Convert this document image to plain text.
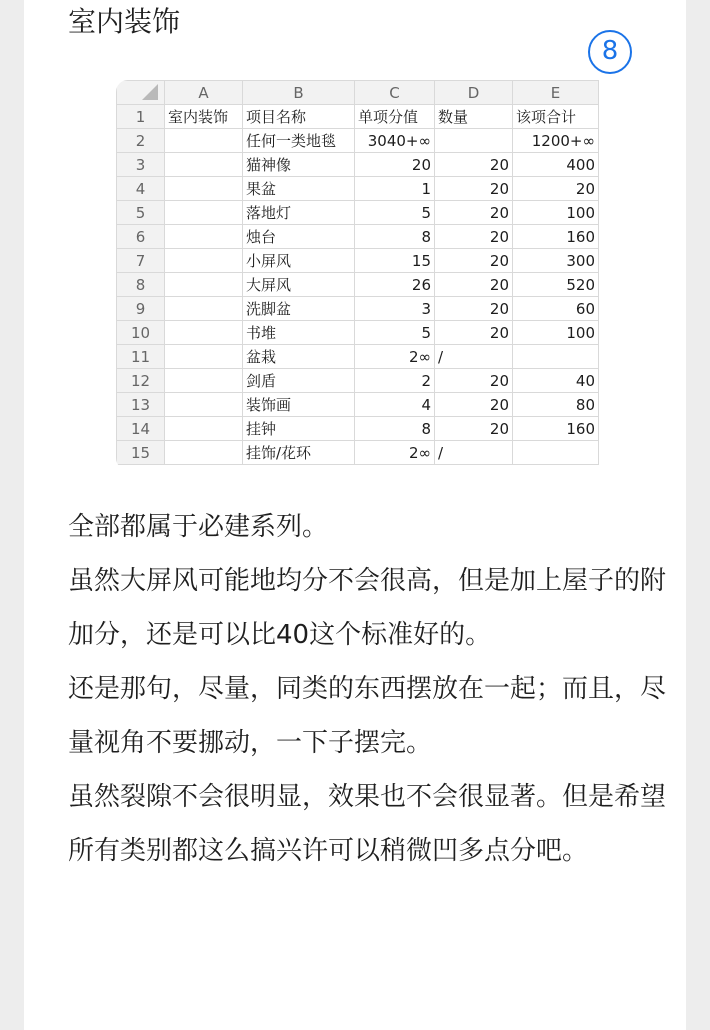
室内装饰
8
	A	B	C	D	E
1	室内装饰	项目名称	单项分值	数量	该项合计
2		任何一类地毯	3040+∞		1200+∞
3		猫神像	20	20	400
4		果盆	1	20	20
5		落地灯	5	20	100
6		烛台	8	20	160
7		小屏风	15	20	300
8		大屏风	26	20	520
9		洗脚盆	3	20	60
10		书堆	5	20	100
11		盆栽	2∞	/	
12		剑盾	2	20	40
13		装饰画	4	20	80
14		挂钟	8	20	160
15		挂饰/花环	2∞	/	

全部都属于必建系列。

虽然大屏风可能地均分不会很高，但是加上屋子的附加分，还是可以比40这个标准好的。

还是那句，尽量，同类的东西摆放在一起；而且，尽量视角不要挪动，一下子摆完。

虽然裂隙不会很明显，效果也不会很显著。但是希望所有类别都这么搞兴许可以稍微凹多点分吧。
